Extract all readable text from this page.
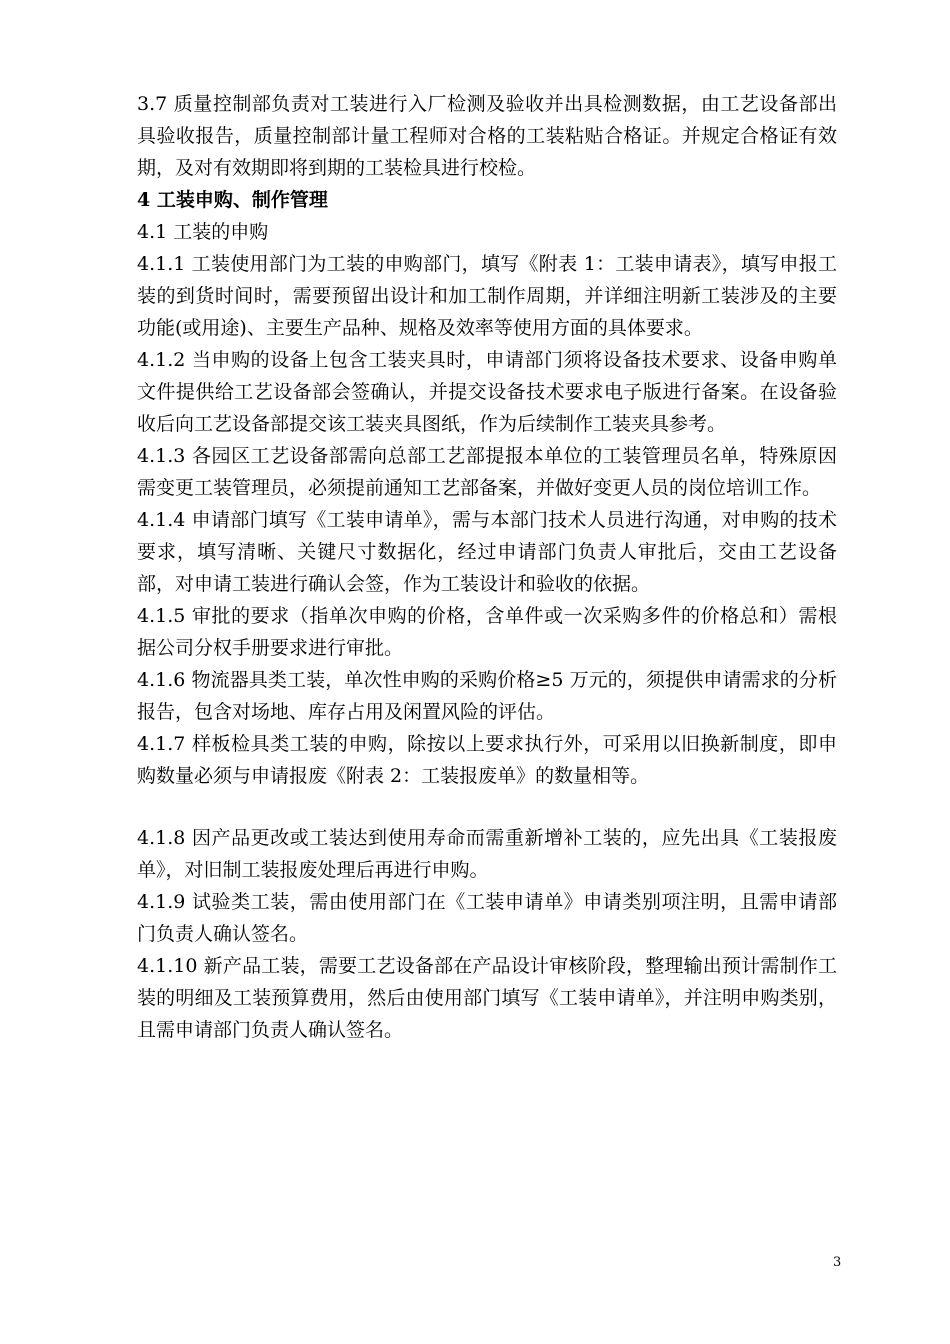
3.7 质量控制部负责对工装进行入厂检测及验收并出具检测数据，由工艺设备部出具验收报告，质量控制部计量工程师对合格的工装粘贴合格证。并规定合格证有效期，及对有效期即将到期的工装检具进行校检。

4 工装申购、制作管理

4.1 工装的申购

4.1.1 工装使用部门为工装的申购部门，填写《附表 1：工装申请表》，填写申报工装的到货时间时，需要预留出设计和加工制作周期，并详细注明新工装涉及的主要功能(或用途)、主要生产品种、规格及效率等使用方面的具体要求。

4.1.2 当申购的设备上包含工装夹具时，申请部门须将设备技术要求、设备申购单文件提供给工艺设备部会签确认，并提交设备技术要求电子版进行备案。在设备验收后向工艺设备部提交该工装夹具图纸，作为后续制作工装夹具参考。

4.1.3 各园区工艺设备部需向总部工艺部提报本单位的工装管理员名单，特殊原因需变更工装管理员，必须提前通知工艺部备案，并做好变更人员的岗位培训工作。

4.1.4 申请部门填写《工装申请单》，需与本部门技术人员进行沟通，对申购的技术要求，填写清晰、关键尺寸数据化，经过申请部门负责人审批后，交由工艺设备部，对申请工装进行确认会签，作为工装设计和验收的依据。

4.1.5 审批的要求（指单次申购的价格，含单件或一次采购多件的价格总和）需根据公司分权手册要求进行审批。

4.1.6 物流器具类工装，单次性申购的采购价格≥5 万元的，须提供申请需求的分析报告，包含对场地、库存占用及闲置风险的评估。

4.1.7 样板检具类工装的申购，除按以上要求执行外，可采用以旧换新制度，即申购数量必须与申请报废《附表 2：工装报废单》的数量相等。

4.1.8 因产品更改或工装达到使用寿命而需重新增补工装的，应先出具《工装报废单》，对旧制工装报废处理后再进行申购。

4.1.9 试验类工装，需由使用部门在《工装申请单》申请类别项注明，且需申请部门负责人确认签名。

4.1.10 新产品工装，需要工艺设备部在产品设计审核阶段，整理输出预计需制作工装的明细及工装预算费用，然后由使用部门填写《工装申请单》，并注明申购类别，且需申请部门负责人确认签名。

3
